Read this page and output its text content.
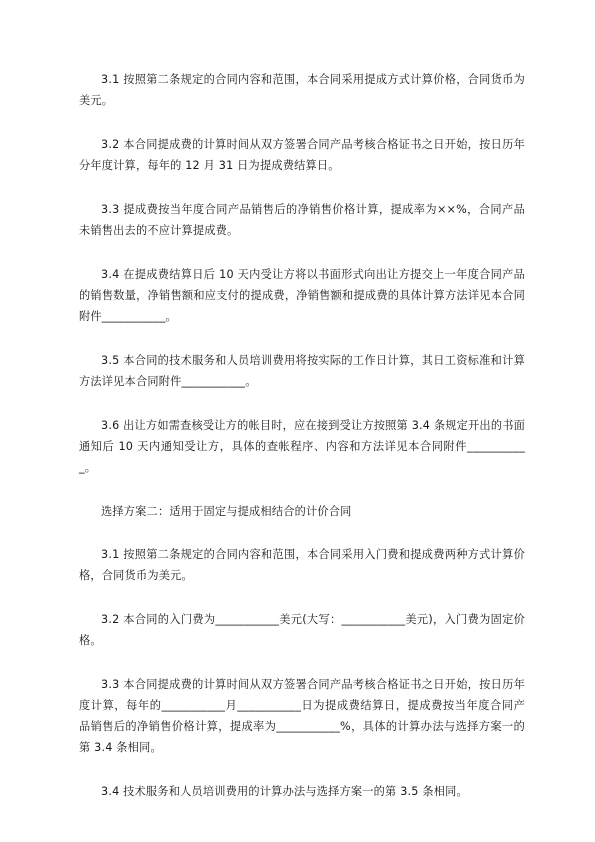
3.1 按照第二条规定的合同内容和范围，本合同采用提成方式计算价格，合同货币为美元。

3.2 本合同提成费的计算时间从双方签署合同产品考核合格证书之日开始，按日历年分年度计算，每年的 12 月 31 日为提成费结算日。

3.3 提成费按当年度合同产品销售后的净销售价格计算，提成率为××%，合同产品未销售出去的不应计算提成费。

3.4 在提成费结算日后 10 天内受让方将以书面形式向出让方提交上一年度合同产品的销售数量，净销售额和应支付的提成费，净销售额和提成费的具体计算方法详见本合同附件___________。

3.5 本合同的技术服务和人员培训费用将按实际的工作日计算，其日工资标准和计算方法详见本合同附件___________。

3.6 出让方如需查核受让方的帐目时，应在接到受让方按照第 3.4 条规定开出的书面通知后 10 天内通知受让方，具体的查帐程序、内容和方法详见本合同附件___________。

选择方案二：适用于固定与提成相结合的计价合同

3.1 按照第二条规定的合同内容和范围，本合同采用入门费和提成费两种方式计算价格，合同货币为美元。

3.2 本合同的入门费为___________美元(大写：___________美元)，入门费为固定价格。

3.3 本合同提成费的计算时间从双方签署合同产品考核合格证书之日开始，按日历年度计算，每年的___________月___________日为提成费结算日，提成费按当年度合同产品销售后的净销售价格计算，提成率为___________%，具体的计算办法与选择方案一的第 3.4 条相同。

3.4 技术服务和人员培训费用的计算办法与选择方案一的第 3.5 条相同。
